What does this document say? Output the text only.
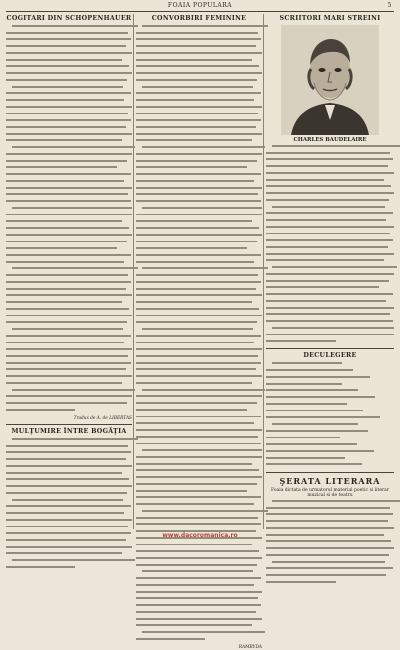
FOAIA POPULARA	5
COGITARI DIN SCHOPENHAUER
Tradus de A. de LIBERTAS
MULŢUMIRE ÎNTRE BOGĂŢIA
CONVORBIRI FEMININE
RAMBYDA
SCRIITORI MARI STREINI
CHARLES BAUDELAIRE
DECULEGERE
ŞERATA LITERARA
Foaia dictata de urmatorul material poetic si literar muzical si de teatru
www.dacoromanica.ro
